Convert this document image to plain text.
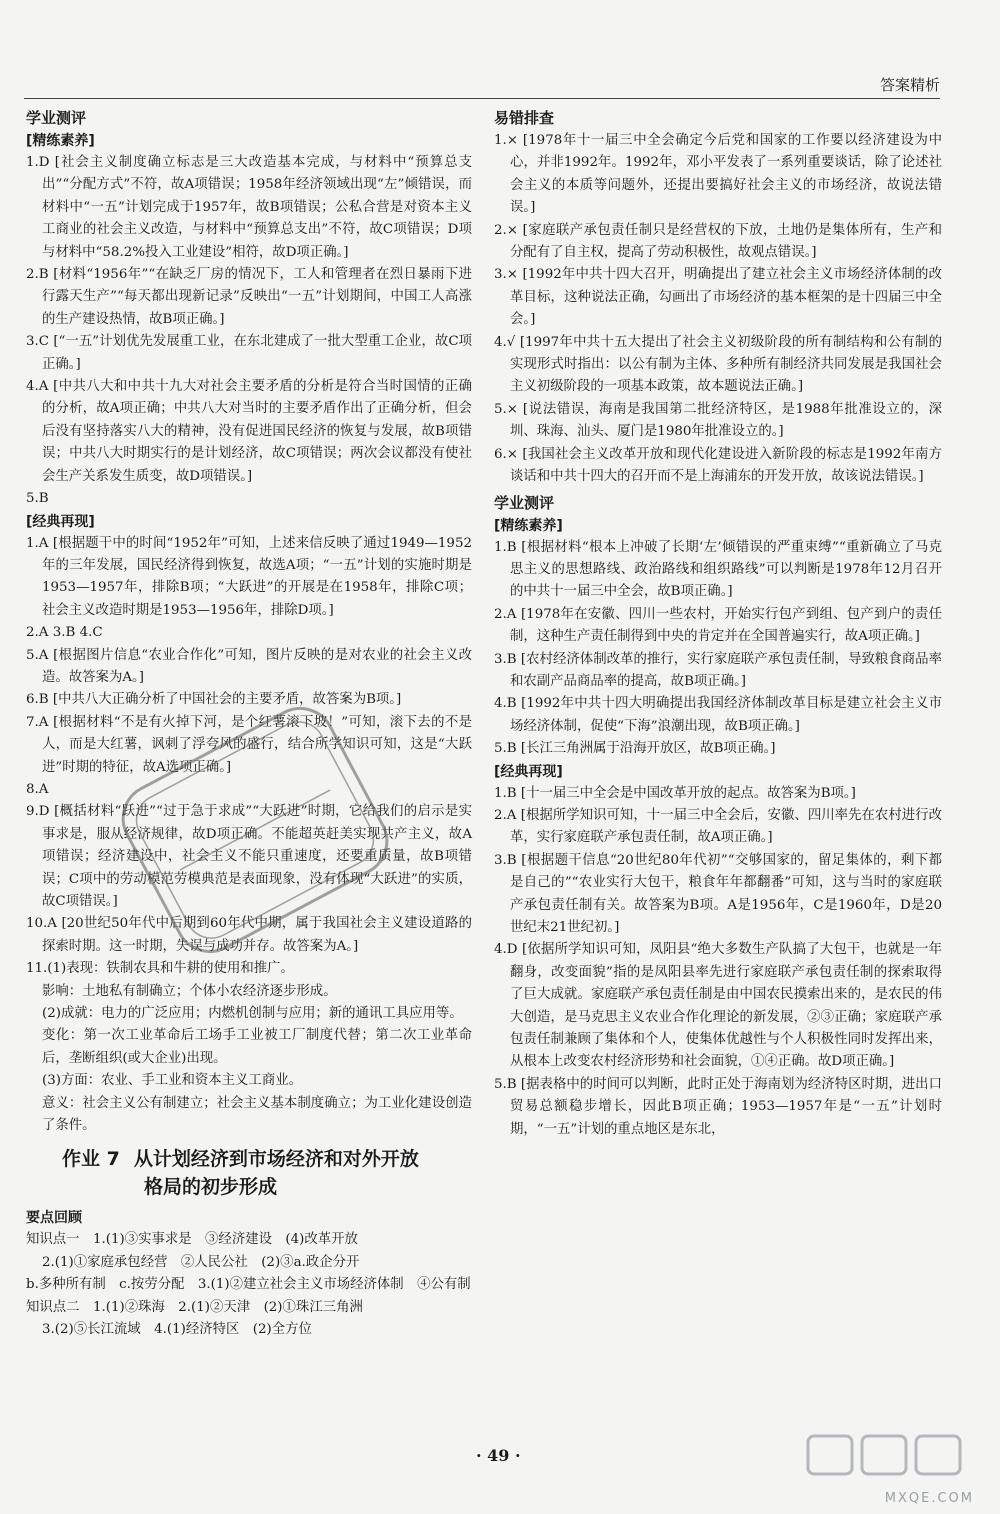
答案精析
学业测评
[精练素养]

1.D [社会主义制度确立标志是三大改造基本完成，与材料中“预算总支出”“分配方式”不符，故A项错误；1958年经济领域出现“左”倾错误，而材料中“一五”计划完成于1957年，故B项错误；公私合营是对资本主义工商业的社会主义改造，与材料中“预算总支出”不符，故C项错误；D项与材料中“58.2%投入工业建设”相符，故D项正确。]

2.B [材料“1956年”“在缺乏厂房的情况下，工人和管理者在烈日暴雨下进行露天生产”“每天都出现新记录”反映出“一五”计划期间，中国工人高涨的生产建设热情，故B项正确。]

3.C [“一五”计划优先发展重工业，在东北建成了一批大型重工企业，故C项正确。]

4.A [中共八大和中共十九大对社会主要矛盾的分析是符合当时国情的正确的分析，故A项正确；中共八大对当时的主要矛盾作出了正确分析，但会后没有坚持落实八大的精神，没有促进国民经济的恢复与发展，故B项错误；中共八大时期实行的是计划经济，故C项错误；两次会议都没有使社会生产关系发生质变，故D项错误。]

5.B

[经典再现]

1.A [根据题干中的时间“1952年”可知，上述来信反映了通过1949—1952年的三年发展，国民经济得到恢复，故选A项；“一五”计划的实施时期是1953—1957年，排除B项；“大跃进”的开展是在1958年，排除C项；社会主义改造时期是1953—1956年，排除D项。]

2.A 3.B 4.C

5.A [根据图片信息“农业合作化”可知，图片反映的是对农业的社会主义改造。故答案为A。]

6.B [中共八大正确分析了中国社会的主要矛盾，故答案为B项。]

7.A [根据材料“不是有火掉下河，是个红薯滚下坡！”可知，滚下去的不是人，而是大红薯，讽刺了浮夸风的盛行，结合所学知识可知，这是“大跃进”时期的特征，故A选项正确。]

8.A

9.D [概括材料“跃进”“过于急于求成”“大跃进”时期，它给我们的启示是实事求是，服从经济规律，故D项正确。不能超英赶美实现共产主义，故A项错误；经济建设中，社会主义不能只重速度，还要重质量，故B项错误；C项中的劳动模范劳模典范是表面现象，没有体现“大跃进”的实质，故C项错误。]

10.A [20世纪50年代中后期到60年代中期，属于我国社会主义建设道路的探索时期。这一时期，失误与成功并存。故答案为A。]

11.(1)表现：铁制农具和牛耕的使用和推广。

影响：土地私有制确立；个体小农经济逐步形成。

(2)成就：电力的广泛应用；内燃机创制与应用；新的通讯工具应用等。

变化：第一次工业革命后工场手工业被工厂制度代替；第二次工业革命后，垄断组织(或大企业)出现。

(3)方面：农业、手工业和资本主义工商业。

意义：社会主义公有制建立；社会主义基本制度确立；为工业化建设创造了条件。

作业 7 从计划经济到市场经济和对外开放
格局的初步形成
要点回顾

知识点一　1.(1)③实事求是　③经济建设　(4)改革开放

2.(1)①家庭承包经营　②人民公社　(2)③a.政企分开

b.多种所有制　c.按劳分配　3.(1)②建立社会主义市场经济体制　④公有制

知识点二　1.(1)②珠海　2.(1)②天津　(2)①珠江三角洲

3.(2)⑤长江流域　4.(1)经济特区　(2)全方位

易错排查

1.× [1978年十一届三中全会确定今后党和国家的工作要以经济建设为中心，并非1992年。1992年，邓小平发表了一系列重要谈话，除了论述社会主义的本质等问题外，还提出要搞好社会主义的市场经济，故说法错误。]

2.× [家庭联产承包责任制只是经营权的下放，土地仍是集体所有，生产和分配有了自主权，提高了劳动积极性，故观点错误。]

3.× [1992年中共十四大召开，明确提出了建立社会主义市场经济体制的改革目标，这种说法正确，勾画出了市场经济的基本框架的是十四届三中全会。]

4.√ [1997年中共十五大提出了社会主义初级阶段的所有制结构和公有制的实现形式时指出：以公有制为主体、多种所有制经济共同发展是我国社会主义初级阶段的一项基本政策，故本题说法正确。]

5.× [说法错误，海南是我国第二批经济特区，是1988年批准设立的，深圳、珠海、汕头、厦门是1980年批准设立的。]

6.× [我国社会主义改革开放和现代化建设进入新阶段的标志是1992年南方谈话和中共十四大的召开而不是上海浦东的开发开放，故该说法错误。]

学业测评
[精练素养]

1.B [根据材料“根本上冲破了长期‘左’倾错误的严重束缚”“重新确立了马克思主义的思想路线、政治路线和组织路线”可以判断是1978年12月召开的中共十一届三中全会，故B项正确。]

2.A [1978年在安徽、四川一些农村，开始实行包产到组、包产到户的责任制，这种生产责任制得到中央的肯定并在全国普遍实行，故A项正确。]

3.B [农村经济体制改革的推行，实行家庭联产承包责任制，导致粮食商品率和农副产品商品率的提高，故B项正确。]

4.B [1992年中共十四大明确提出我国经济体制改革目标是建立社会主义市场经济体制，促使“下海”浪潮出现，故B项正确。]

5.B [长江三角洲属于沿海开放区，故B项正确。]

[经典再现]

1.B [十一届三中全会是中国改革开放的起点。故答案为B项。]

2.A [根据所学知识可知，十一届三中全会后，安徽、四川率先在农村进行改革，实行家庭联产承包责任制，故A项正确。]

3.B [根据题干信息“20世纪80年代初”“交够国家的，留足集体的，剩下都是自己的”“农业实行大包干，粮食年年都翻番”可知，这与当时的家庭联产承包责任制有关。故答案为B项。A是1956年，C是1960年，D是20世纪末21世纪初。]

4.D [依据所学知识可知，凤阳县“绝大多数生产队搞了大包干，也就是一年翻身，改变面貌”指的是凤阳县率先进行家庭联产承包责任制的探索取得了巨大成就。家庭联产承包责任制是由中国农民摸索出来的，是农民的伟大创造，是马克思主义农业合作化理论的新发展，②③正确；家庭联产承包责任制兼顾了集体和个人，使集体优越性与个人积极性同时发挥出来，从根本上改变农村经济形势和社会面貌，①④正确。故D项正确。]

5.B [据表格中的时间可以判断，此时正处于海南划为经济特区时期，进出口贸易总额稳步增长，因此B项正确；1953—1957年是“一五”计划时期，“一五”计划的重点地区是东北，

· 49 ·
MXQE.COM
